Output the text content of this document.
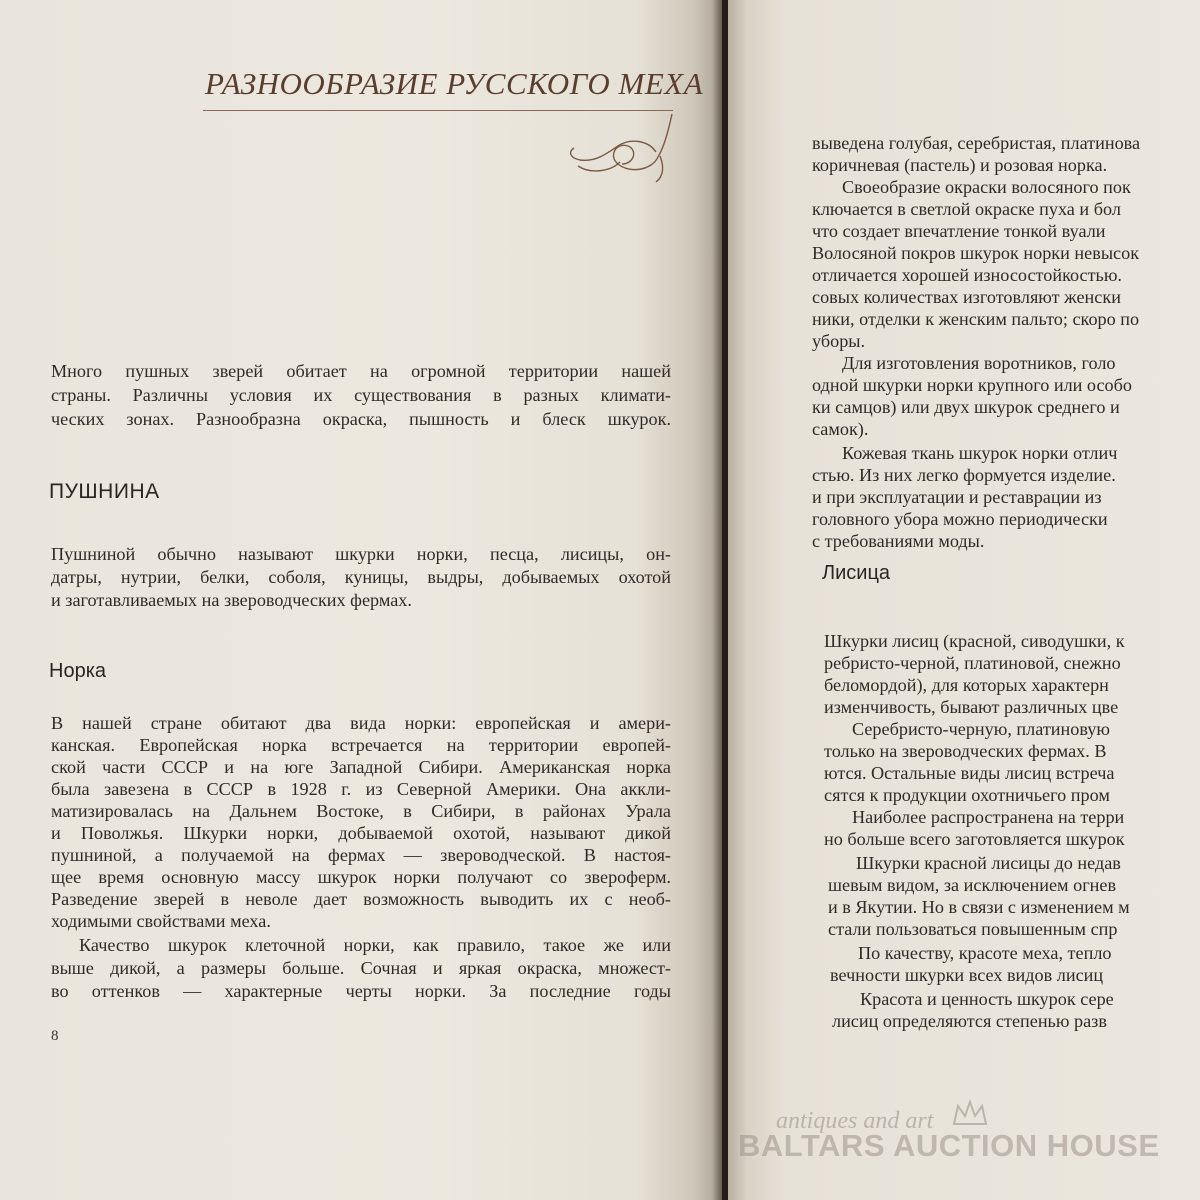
РАЗНООБРАЗИЕ РУССКОГО МЕХА
Много пушных зверей обитает на огромной территории нашей
страны. Различны условия их существования в разных климати-
ческих зонах. Разнообразна окраска, пышность и блеск шкурок.
ПУШНИНА
Пушниной обычно называют шкурки норки, песца, лисицы, он-
датры, нутрии, белки, соболя, куницы, выдры, добываемых охотой
и заготавливаемых на звероводческих фермах.
Норка
В нашей стране обитают два вида норки: европейская и амери-
канская. Европейская норка встречается на территории европей-
ской части СССР и на юге Западной Сибири. Американская норка
была завезена в СССР в 1928 г. из Северной Америки. Она аккли-
матизировалась на Дальнем Востоке, в Сибири, в районах Урала
и Поволжья. Шкурки норки, добываемой охотой, называют дикой
пушниной, а получаемой на фермах — звероводческой. В настоя-
щее время основную массу шкурок норки получают со звероферм.
Разведение зверей в неволе дает возможность выводить их с необ-
ходимыми свойствами меха.
Качество шкурок клеточной норки, как правило, такое же или
выше дикой, а размеры больше. Сочная и яркая окраска, множест-
во оттенков — характерные черты норки. За последние годы
8
выведена голубая, серебристая, платинова
коричневая (пастель) и розовая норка.
Своеобразие окраски волосяного пок
ключается в светлой окраске пуха и бол
что создает впечатление тонкой вуали
Волосяной покров шкурок норки невысок
отличается хорошей износостойкостью.
совых количествах изготовляют женски
ники, отделки к женским пальто; скоро по
уборы.
Для изготовления воротников, голо
одной шкурки норки крупного или особо
ки самцов) или двух шкурок среднего и
самок).
Кожевая ткань шкурок норки отлич
стью. Из них легко формуется изделие.
и при эксплуатации и реставрации из
головного убора можно периодически
с требованиями моды.
Лисица
Шкурки лисиц (красной, сиводушки, к
ребристо-черной, платиновой, снежно
беломордой), для которых характерн
изменчивость, бывают различных цве
Серебристо-черную, платиновую
только на звероводческих фермах. В
ются. Остальные виды лисиц встреча
сятся к продукции охотничьего пром
Наиболее распространена на терри
но больше всего заготовляется шкурок
Шкурки красной лисицы до недав
шевым видом, за исключением огнев
и в Якутии. Но в связи с изменением м
стали пользоваться повышенным спр
По качеству, красоте меха, тепло
вечности шкурки всех видов лисиц
Красота и ценность шкурок сере
лисиц определяются степенью разв
antiques and art
BALTARS AUCTION HOUSE
